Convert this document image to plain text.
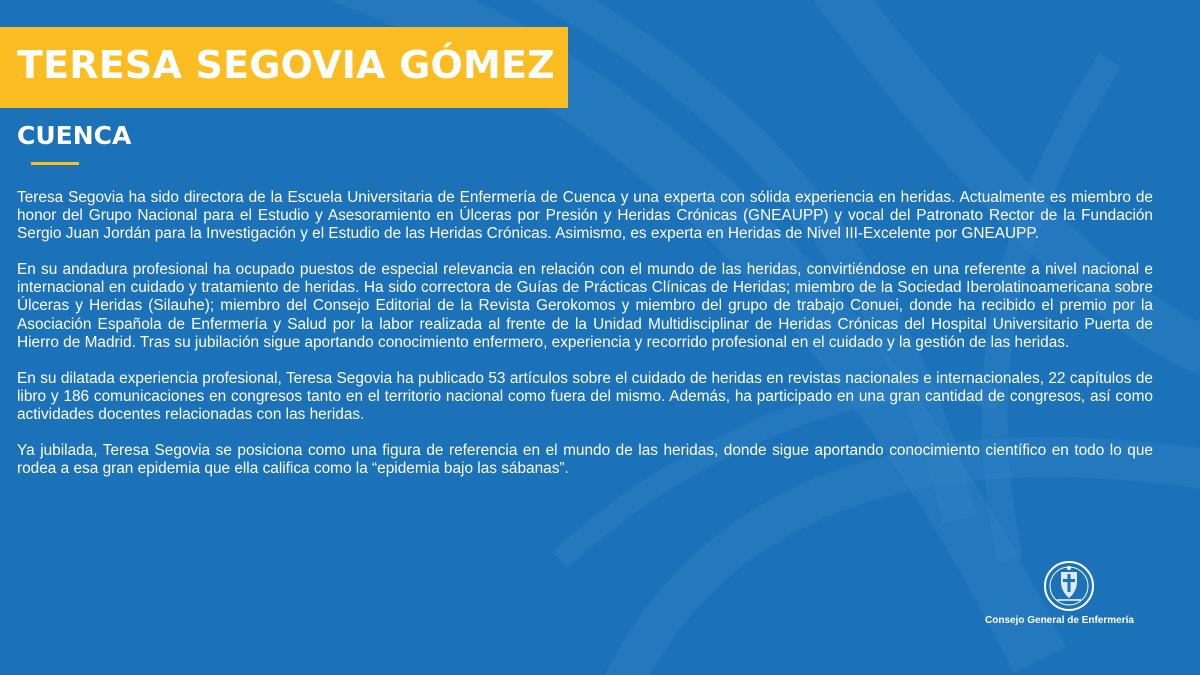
TERESA SEGOVIA GÓMEZ
CUENCA

Teresa Segovia ha sido directora de la Escuela Universitaria de Enfermería de Cuenca y una experta con sólida experiencia en heridas. Actualmente es miembro de honor del Grupo Nacional para el Estudio y Asesoramiento en Úlceras por Presión y Heridas Crónicas (GNEAUPP) y vocal del Patronato Rector de la Fundación Sergio Juan Jordán para la Investigación y el Estudio de las Heridas Crónicas. Asimismo, es experta en Heridas de Nivel III-Excelente por GNEAUPP.

En su andadura profesional ha ocupado puestos de especial relevancia en relación con el mundo de las heridas, convirtiéndose en una referente a nivel nacional e internacional en cuidado y tratamiento de heridas. Ha sido correctora de Guías de Prácticas Clínicas de Heridas; miembro de la Sociedad Iberolatinoamericana sobre Úlceras y Heridas (Silauhe); miembro del Consejo Editorial de la Revista Gerokomos y miembro del grupo de trabajo Conuei, donde ha recibido el premio por la Asociación Española de Enfermería y Salud por la labor realizada al frente de la Unidad Multidisciplinar de Heridas Crónicas del Hospital Universitario Puerta de Hierro de Madrid. Tras su jubilación sigue aportando conocimiento enfermero, experiencia y recorrido profesional en el cuidado y la gestión de las heridas.

En su dilatada experiencia profesional, Teresa Segovia ha publicado 53 artículos sobre el cuidado de heridas en revistas nacionales e internacionales, 22 capítulos de libro y 186 comunicaciones en congresos tanto en el territorio nacional como fuera del mismo. Además, ha participado en una gran cantidad de congresos, así como actividades docentes relacionadas con las heridas.

Ya jubilada, Teresa Segovia se posiciona como una figura de referencia en el mundo de las heridas, donde sigue aportando conocimiento científico en todo lo que rodea a esa gran epidemia que ella califica como la “epidemia bajo las sábanas”.

Consejo General de Enfermería
